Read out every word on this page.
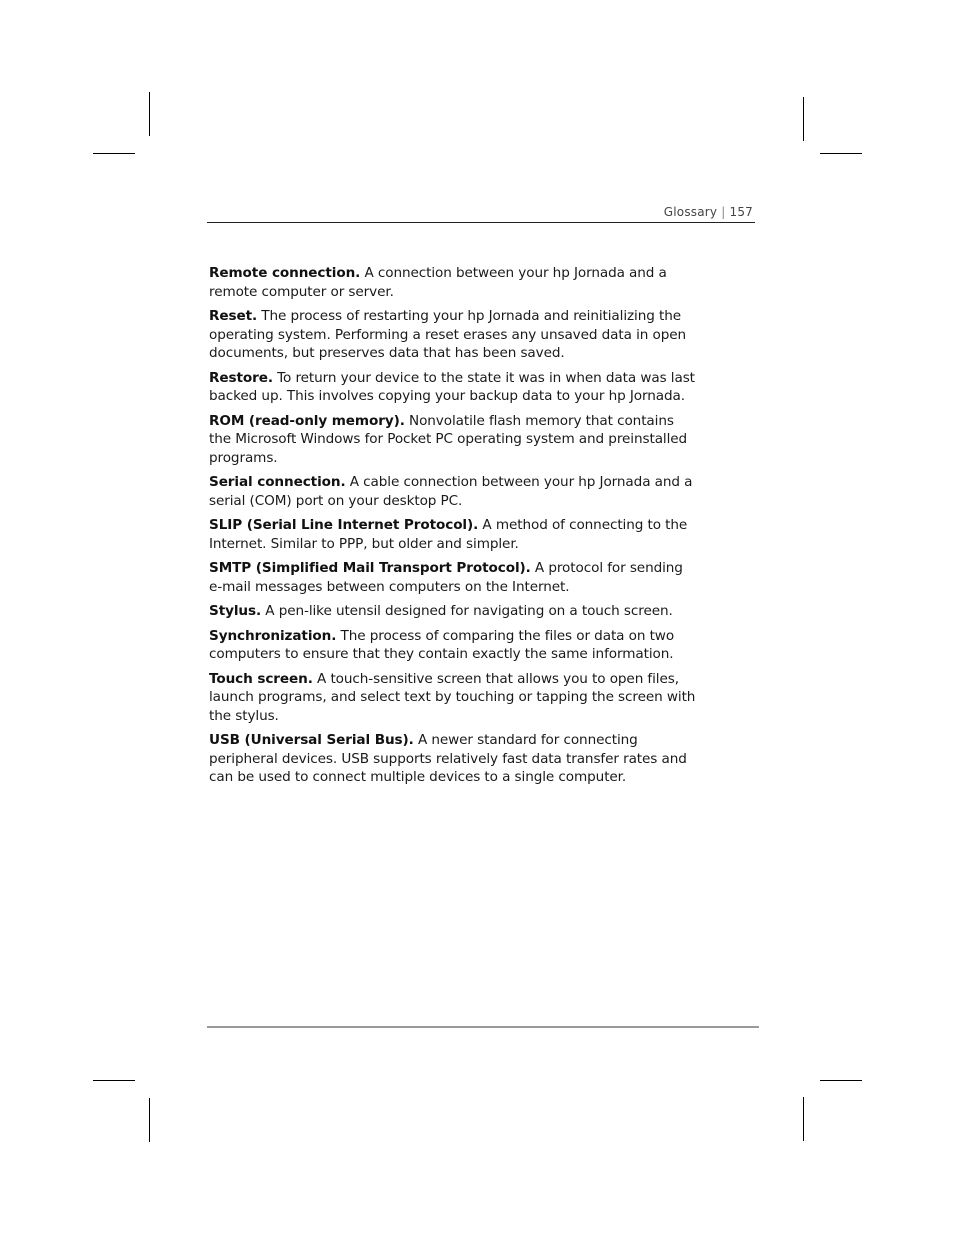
Glossary | 157

Remote connection. A connection between your hp Jornada and a remote computer or server.

Reset. The process of restarting your hp Jornada and reinitializing the operating system. Performing a reset erases any unsaved data in open documents, but preserves data that has been saved.

Restore. To return your device to the state it was in when data was last backed up. This involves copying your backup data to your hp Jornada.

ROM (read-only memory). Nonvolatile flash memory that contains the Microsoft Windows for Pocket PC operating system and preinstalled programs.

Serial connection. A cable connection between your hp Jornada and a serial (COM) port on your desktop PC.

SLIP (Serial Line Internet Protocol). A method of connecting to the Internet. Similar to PPP, but older and simpler.

SMTP (Simplified Mail Transport Protocol). A protocol for sending e-mail messages between computers on the Internet.

Stylus. A pen-like utensil designed for navigating on a touch screen.

Synchronization. The process of comparing the files or data on two computers to ensure that they contain exactly the same information.

Touch screen. A touch-sensitive screen that allows you to open files, launch programs, and select text by touching or tapping the screen with the stylus.

USB (Universal Serial Bus). A newer standard for connecting peripheral devices. USB supports relatively fast data transfer rates and can be used to connect multiple devices to a single computer.
